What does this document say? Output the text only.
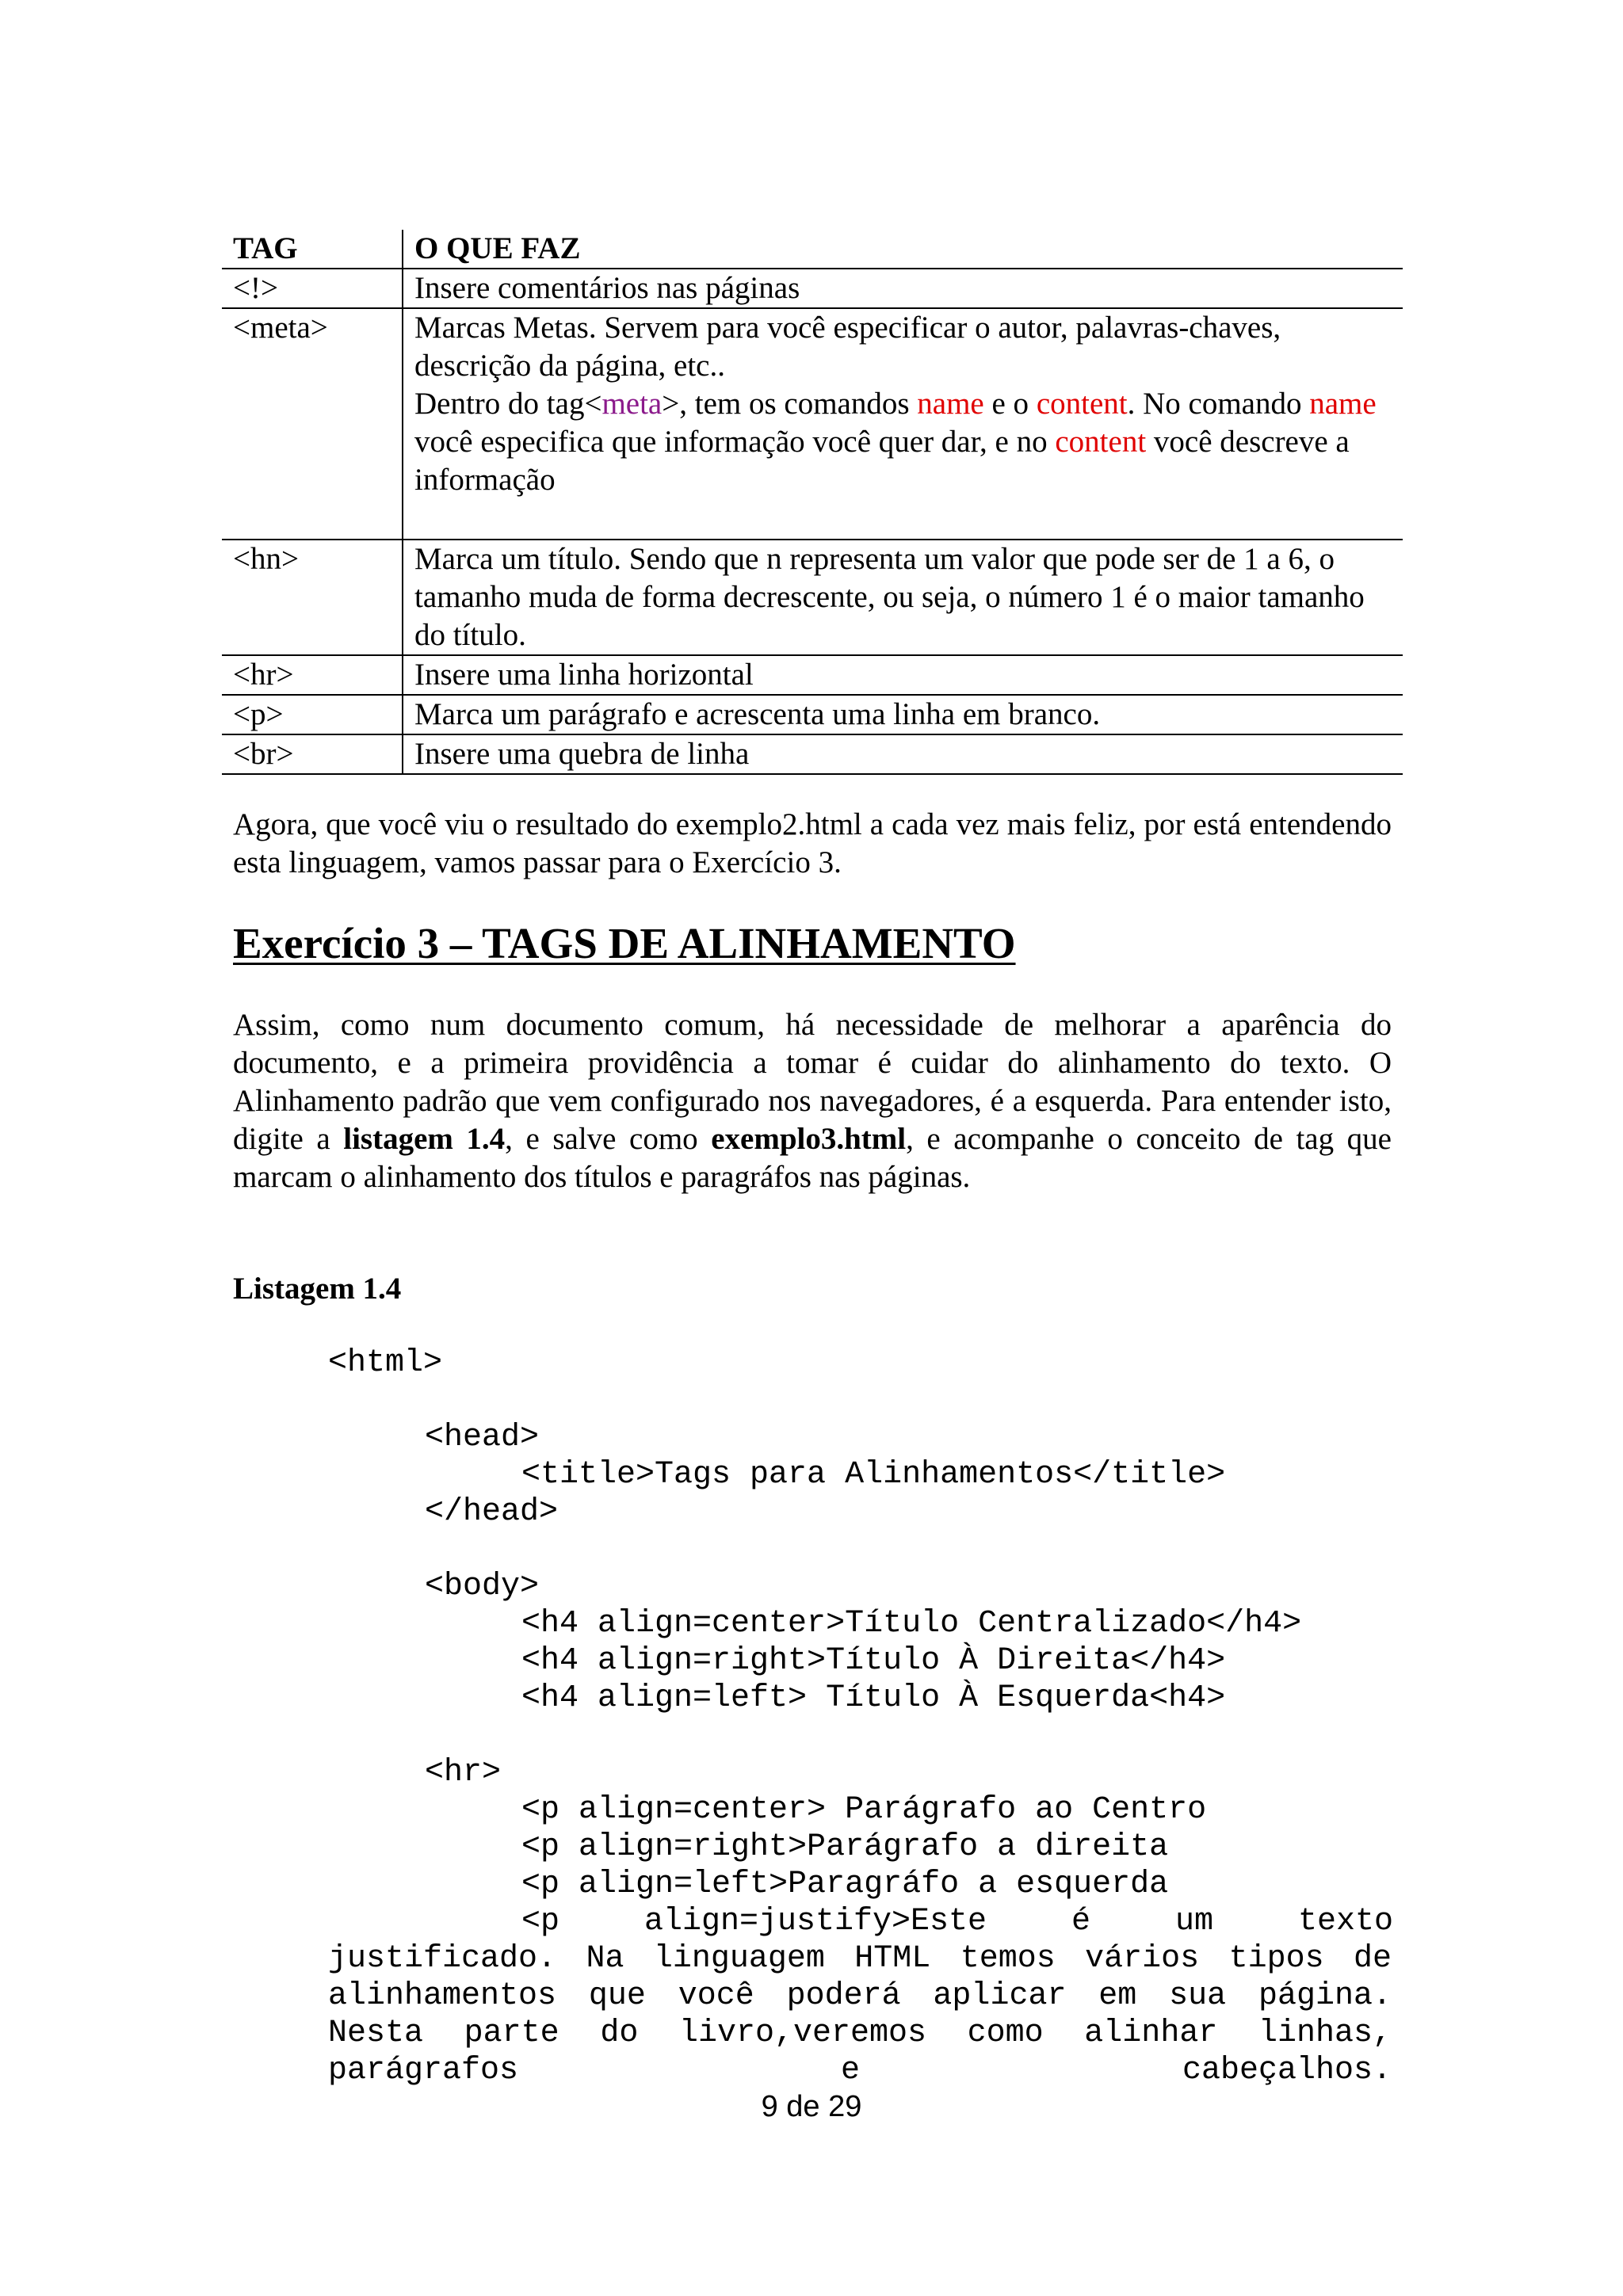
TAG	O QUE FAZ
<!>	Insere comentários nas páginas
<meta>	Marcas Metas. Servem para você especificar o autor, palavras-chaves, descrição da página, etc..
Dentro do tag<meta>, tem os comandos name e o content. No comando name você especifica que informação você quer dar, e no content você descreve a informação

<hn>	Marca um título. Sendo que n representa um valor que pode ser de 1 a 6, o tamanho muda de forma decrescente, ou seja, o número 1 é o maior tamanho do título.
<hr>	Insere uma linha horizontal
<p>	Marca um parágrafo e acrescenta uma linha em branco.
<br>	Insere uma quebra de linha

Agora, que você viu o resultado do exemplo2.html a cada vez mais feliz, por está entendendo esta linguagem, vamos passar para o Exercício 3.

Exercício 3 – TAGS DE ALINHAMENTO

Assim, como num documento comum, há necessidade de melhorar a aparência do documento, e a primeira providência a tomar é cuidar do alinhamento do texto. O Alinhamento padrão que vem configurado nos navegadores, é a esquerda. Para entender isto, digite a listagem 1.4, e salve como exemplo3.html, e acompanhe o conceito de tag que marcam o alinhamento dos títulos e paragráfos nas páginas.

Listagem 1.4

<html>
<head>
<title>Tags para Alinhamentos</title>
</head>
<body>
<h4 align=center>Título Centralizado</h4>
<h4 align=right>Título À Direita</h4>
<h4 align=left> Título À Esquerda<h4>
<hr>
<p align=center> Parágrafo ao Centro
<p align=right>Parágrafo a direita
<p align=left>Paragráfo a esquerda
<p align=justify>Este é um texto

justificado. Na linguagem HTML temos vários tipos de alinhamentos que você poderá aplicar em sua página. Nesta parte do livro,veremos como alinhar linhas, parágrafos e cabeçalhos.

9 de 29
